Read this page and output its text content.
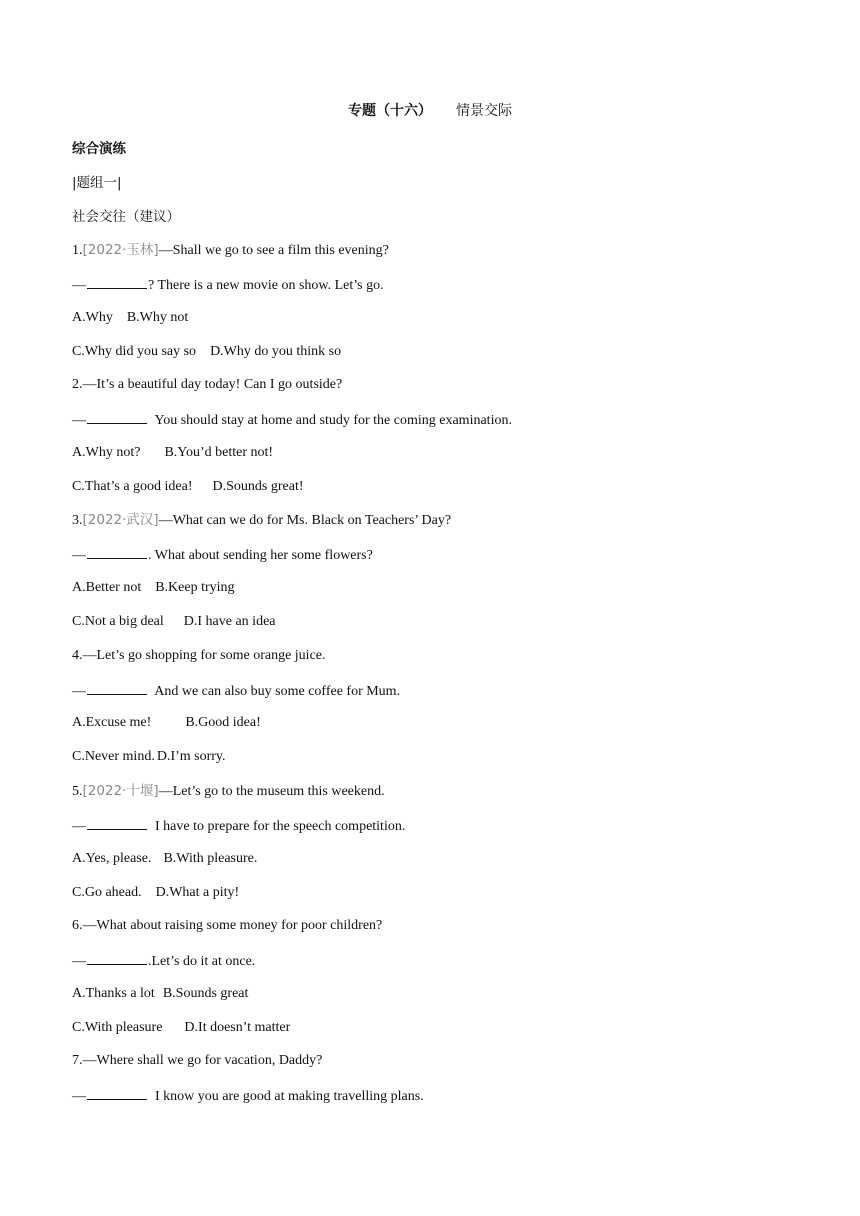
专题（十六） 情景交际
综合演练
|题组一|
社会交往（建议）
1.[2022·玉林]—Shall we go to see a film this evening?
—	? There is a new movie on show. Let’s go.
A.Why B.Why not
C.Why did you say so D.Why do you think so
2.—It’s a beautiful day today! Can I go outside?
—	You should stay at home and study for the coming examination.
A.Why not? B.You’d better not!
C.That’s a good idea! D.Sounds great!
3.[2022·武汉]—What can we do for Ms. Black on Teachers’ Day?
—	. What about sending her some flowers?
A.Better not B.Keep trying
C.Not a big deal D.I have an idea
4.—Let’s go shopping for some orange juice.
—	And we can also buy some coffee for Mum.
A.Excuse me! B.Good idea!
C.Never mind. D.I’m sorry.
5.[2022·十堰]—Let’s go to the museum this weekend.
—	I have to prepare for the speech competition.
A.Yes, please. B.With pleasure.
C.Go ahead. D.What a pity!
6.—What about raising some money for poor children?
—	.Let’s do it at once.
A.Thanks a lot B.Sounds great
C.With pleasure D.It doesn’t matter
7.—Where shall we go for vacation, Daddy?
—	I know you are good at making travelling plans.
